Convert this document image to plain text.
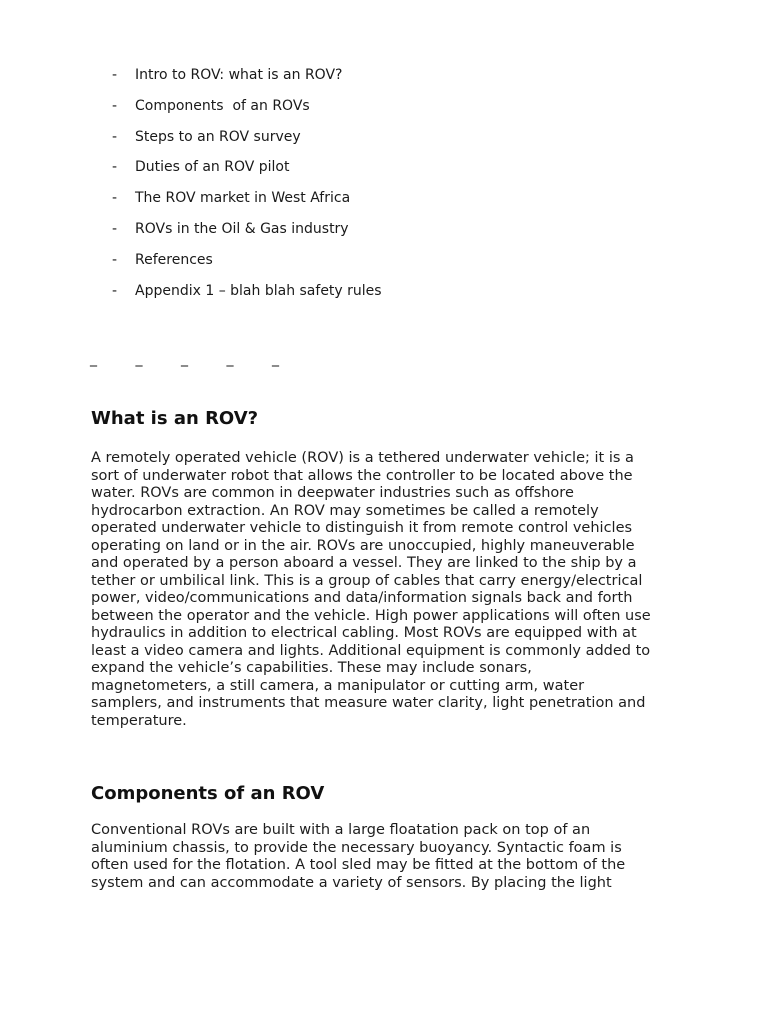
-	Intro to ROV: what is an ROV?
-	Components  of an ROVs
-	Steps to an ROV survey
-	Duties of an ROV pilot
-	The ROV market in West Africa
-	ROVs in the Oil & Gas industry
-	References
-	Appendix 1 – blah blah safety rules
_	_	_	_	_
What is an ROV?

A remotely operated vehicle (ROV) is a tethered underwater vehicle; it is a
sort of underwater robot that allows the controller to be located above the
water. ROVs are common in deepwater industries such as offshore
hydrocarbon extraction. An ROV may sometimes be called a remotely
operated underwater vehicle to distinguish it from remote control vehicles
operating on land or in the air. ROVs are unoccupied, highly maneuverable
and operated by a person aboard a vessel. They are linked to the ship by a
tether or umbilical link. This is a group of cables that carry energy/electrical
power, video/communications and data/information signals back and forth
between the operator and the vehicle. High power applications will often use
hydraulics in addition to electrical cabling. Most ROVs are equipped with at
least a video camera and lights. Additional equipment is commonly added to
expand the vehicle’s capabilities. These may include sonars,
magnetometers, a still camera, a manipulator or cutting arm, water
samplers, and instruments that measure water clarity, light penetration and
temperature.

Components of an ROV

Conventional ROVs are built with a large floatation pack on top of an
aluminium chassis, to provide the necessary buoyancy. Syntactic foam is
often used for the flotation. A tool sled may be fitted at the bottom of the
system and can accommodate a variety of sensors. By placing the light
